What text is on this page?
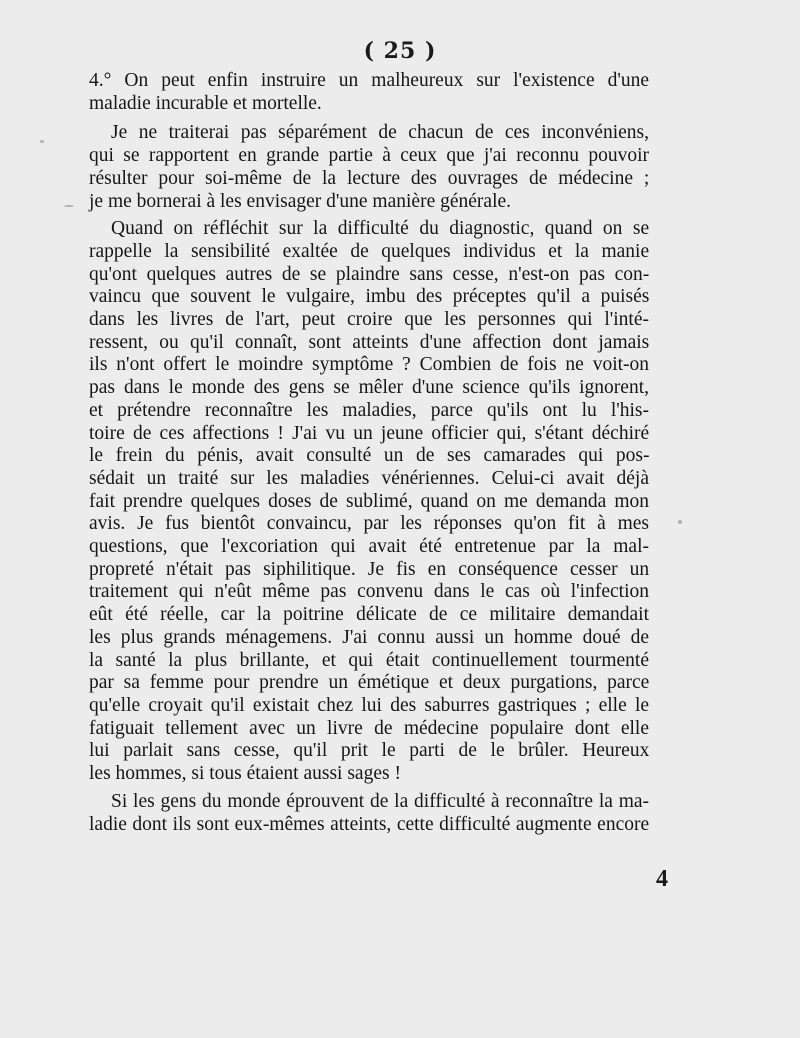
( 25 )
4.° On peut enfin instruire un malheureux sur l'existence d'une
maladie incurable et mortelle.
Je ne traiterai pas séparément de chacun de ces inconvéniens,
qui se rapportent en grande partie à ceux que j'ai reconnu pouvoir
résulter pour soi-même de la lecture des ouvrages de médecine ;
je me bornerai à les envisager d'une manière générale.
Quand on réfléchit sur la difficulté du diagnostic, quand on se
rappelle la sensibilité exaltée de quelques individus et la manie
qu'ont quelques autres de se plaindre sans cesse, n'est-on pas con-
vaincu que souvent le vulgaire, imbu des préceptes qu'il a puisés
dans les livres de l'art, peut croire que les personnes qui l'inté-
ressent, ou qu'il connaît, sont atteints d'une affection dont jamais
ils n'ont offert le moindre symptôme ? Combien de fois ne voit-on
pas dans le monde des gens se mêler d'une science qu'ils ignorent,
et prétendre reconnaître les maladies, parce qu'ils ont lu l'his-
toire de ces affections ! J'ai vu un jeune officier qui, s'étant déchiré
le frein du pénis, avait consulté un de ses camarades qui pos-
sédait un traité sur les maladies vénériennes. Celui-ci avait déjà
fait prendre quelques doses de sublimé, quand on me demanda mon
avis. Je fus bientôt convaincu, par les réponses qu'on fit à mes
questions, que l'excoriation qui avait été entretenue par la mal-
propreté n'était pas siphilitique. Je fis en conséquence cesser un
traitement qui n'eût même pas convenu dans le cas où l'infection
eût été réelle, car la poitrine délicate de ce militaire demandait
les plus grands ménagemens. J'ai connu aussi un homme doué de
la santé la plus brillante, et qui était continuellement tourmenté
par sa femme pour prendre un émétique et deux purgations, parce
qu'elle croyait qu'il existait chez lui des saburres gastriques ; elle le
fatiguait tellement avec un livre de médecine populaire dont elle
lui parlait sans cesse, qu'il prit le parti de le brûler. Heureux
les hommes, si tous étaient aussi sages !
Si les gens du monde éprouvent de la difficulté à reconnaître la ma-
ladie dont ils sont eux-mêmes atteints, cette difficulté augmente encore
4
